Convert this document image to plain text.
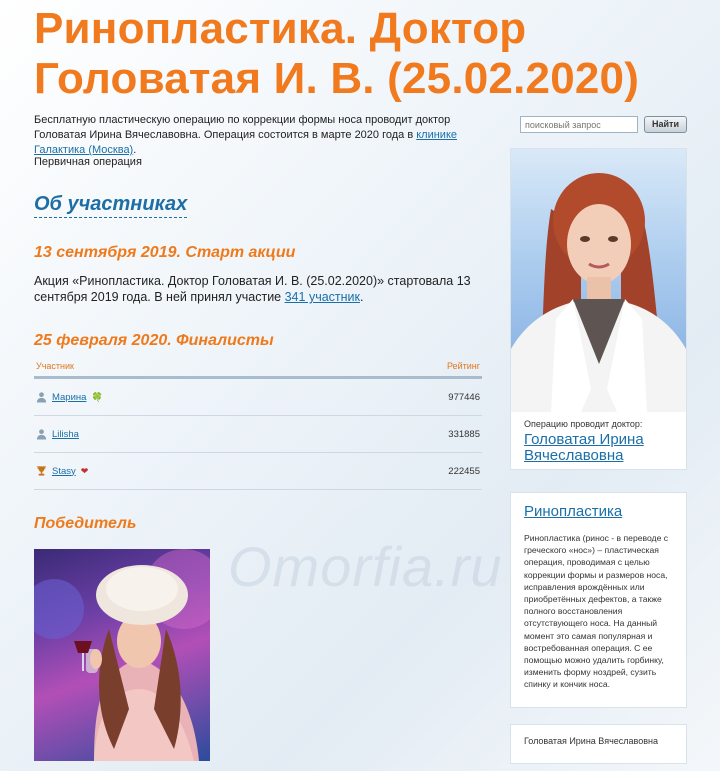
Ринопластика. Доктор Головатая И. В. (25.02.2020)
Бесплатную пластическую операцию по коррекции формы носа проводит доктор Головатая Ирина Вячеславовна. Операция состоится в марте 2020 года в клинике Галактика (Москва).
Первичная операция
Об участниках
13 сентября 2019. Старт акции
Акция «Ринопластика. Доктор Головатая И. В. (25.02.2020)» стартовала 13 сентября 2019 года. В ней принял участие 341 участник.
25 февраля 2020. Финалисты
Участник	Рейтинг
Марина 🍀	977446
Lilisha	331885
Stasy ❤	222455
Победитель
Omorfia.ru
поисковый запрос
Найти
Операцию проводит доктор:
Головатая Ирина Вячеславовна
Ринопластика
Ринопластика (ринос - в переводе с греческого «нос») – пластическая операция, проводимая с целью коррекции формы и размеров носа, исправления врождённых или приобретённых дефектов, а также полного восстановления отсутствующего носа. На данный момент это самая популярная и востребованная операция. С ее помощью можно удалить горбинку, изменить форму ноздрей, сузить спинку и кончик носа.
Головатая Ирина Вячеславовна
